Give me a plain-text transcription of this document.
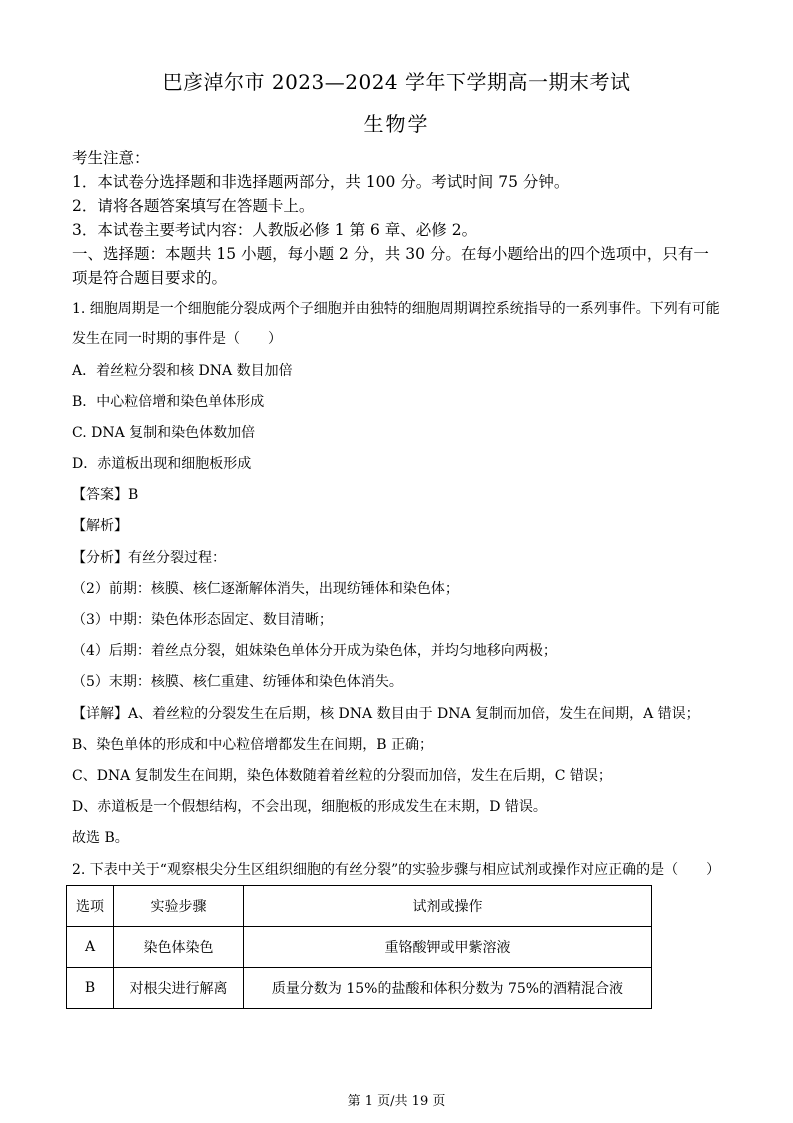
巴彦淖尔市 2023—2024 学年下学期高一期末考试
生物学
考生注意：
1．本试卷分选择题和非选择题两部分，共 100 分。考试时间 75 分钟。
2．请将各题答案填写在答题卡上。
3．本试卷主要考试内容：人教版必修 1 第 6 章、必修 2。
一、选择题：本题共 15 小题，每小题 2 分，共 30 分。在每小题给出的四个选项中，只有一
项是符合题目要求的。
1. 细胞周期是一个细胞能分裂成两个子细胞并由独特的细胞周期调控系统指导的一系列事件。下列有可能
发生在同一时期的事件是（　　）
A．着丝粒分裂和核 DNA 数目加倍
B．中心粒倍增和染色单体形成
C. DNA 复制和染色体数加倍
D．赤道板出现和细胞板形成
【答案】B
【解析】
【分析】有丝分裂过程：
（2）前期：核膜、核仁逐渐解体消失，出现纺锤体和染色体；
（3）中期：染色体形态固定、数目清晰；
（4）后期：着丝点分裂，姐妹染色单体分开成为染色体，并均匀地移向两极；
（5）末期：核膜、核仁重建、纺锤体和染色体消失。
【详解】A、着丝粒的分裂发生在后期，核 DNA 数目由于 DNA 复制而加倍，发生在间期，A 错误；
B、染色单体的形成和中心粒倍增都发生在间期，B 正确；
C、DNA 复制发生在间期，染色体数随着着丝粒的分裂而加倍，发生在后期，C 错误；
D、赤道板是一个假想结构，不会出现，细胞板的形成发生在末期，D 错误。
故选 B。
2. 下表中关于“观察根尖分生区组织细胞的有丝分裂”的实验步骤与相应试剂或操作对应正确的是（　　）
选项	实验步骤	试剂或操作
A	染色体染色	重铬酸钾或甲紫溶液
B	对根尖进行解离	质量分数为 15%的盐酸和体积分数为 75%的酒精混合液
第 1 页/共 19 页
